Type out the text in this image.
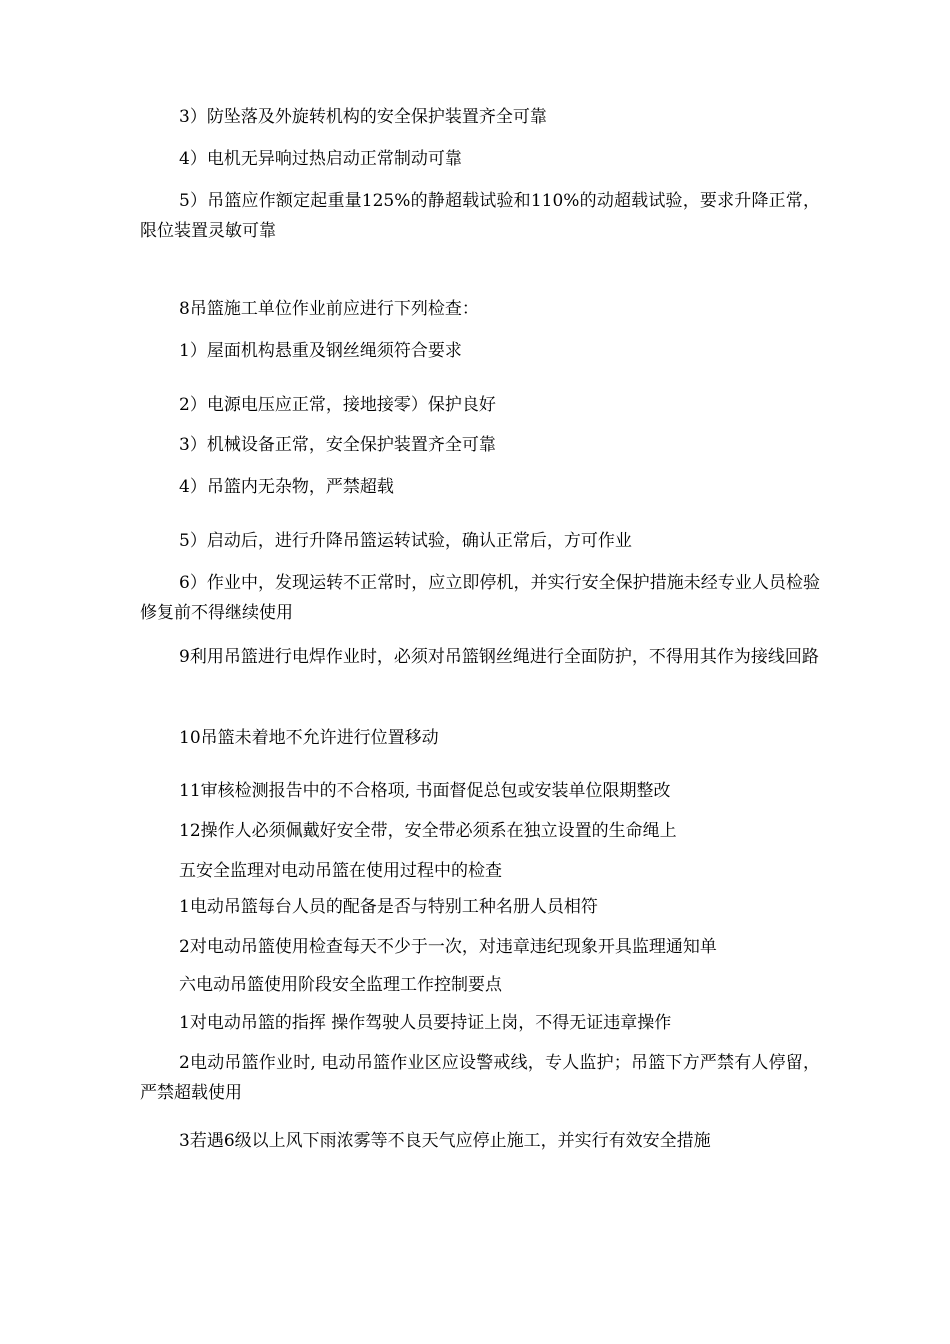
3）防坠落及外旋转机构的安全保护装置齐全可靠

4）电机无异响过热启动正常制动可靠

5）吊篮应作额定起重量125%的静超载试验和110%的动超载试验，要求升降正常，限位装置灵敏可靠

8吊篮施工单位作业前应进行下列检查：

1）屋面机构悬重及钢丝绳须符合要求

2）电源电压应正常，接地接零）保护良好

3）机械设备正常，安全保护装置齐全可靠

4）吊篮内无杂物，严禁超载

5）启动后，进行升降吊篮运转试验，确认正常后，方可作业

6）作业中，发现运转不正常时，应立即停机，并实行安全保护措施未经专业人员检验修复前不得继续使用

9利用吊篮进行电焊作业时，必须对吊篮钢丝绳进行全面防护，不得用其作为接线回路

10吊篮未着地不允许进行位置移动

11审核检测报告中的不合格项, 书面督促总包或安装单位限期整改

12操作人必须佩戴好安全带，安全带必须系在独立设置的生命绳上

五安全监理对电动吊篮在使用过程中的检查

1电动吊篮每台人员的配备是否与特别工种名册人员相符

2对电动吊篮使用检查每天不少于一次，对违章违纪现象开具监理通知单

六电动吊篮使用阶段安全监理工作控制要点

1对电动吊篮的指挥 操作驾驶人员要持证上岗，不得无证违章操作

2电动吊篮作业时, 电动吊篮作业区应设警戒线，专人监护；吊篮下方严禁有人停留，严禁超载使用

3若遇6级以上风下雨浓雾等不良天气应停止施工，并实行有效安全措施
